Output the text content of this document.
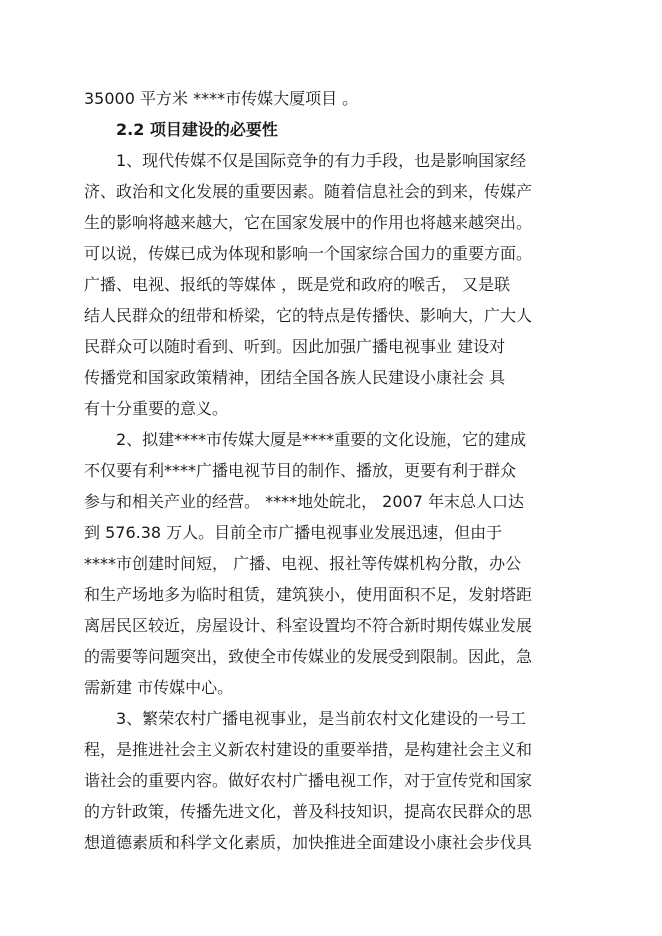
35000 平方米 ****市传媒大厦项目 。
2.2 项目建设的必要性
1、现代传媒不仅是国际竞争的有力手段，也是影响国家经
济、政治和文化发展的重要因素。随着信息社会的到来，传媒产
生的影响将越来越大，它在国家发展中的作用也将越来越突出。
可以说，传媒已成为体现和影响一个国家综合国力的重要方面。
广播、电视、报纸的等媒体 ，既是党和政府的喉舌， 又是联
结人民群众的纽带和桥梁，它的特点是传播快、影响大，广大人
民群众可以随时看到、听到。因此加强广播电视事业 建设对
传播党和国家政策精神，团结全国各族人民建设小康社会 具
有十分重要的意义。
2、拟建****市传媒大厦是****重要的文化设施，它的建成
不仅要有利****广播电视节目的制作、播放，更要有利于群众
参与和相关产业的经营。 ****地处皖北， 2007 年末总人口达
到 576.38 万人。目前全市广播电视事业发展迅速，但由于
****市创建时间短， 广播、电视、报社等传媒机构分散，办公
和生产场地多为临时租赁，建筑狭小，使用面积不足，发射塔距
离居民区较近，房屋设计、科室设置均不符合新时期传媒业发展
的需要等问题突出，致使全市传媒业的发展受到限制。因此，急
需新建 市传媒中心。
3、繁荣农村广播电视事业，是当前农村文化建设的一号工
程，是推进社会主义新农村建设的重要举措，是构建社会主义和
谐社会的重要内容。做好农村广播电视工作，对于宣传党和国家
的方针政策，传播先进文化，普及科技知识，提高农民群众的思
想道德素质和科学文化素质，加快推进全面建设小康社会步伐具
